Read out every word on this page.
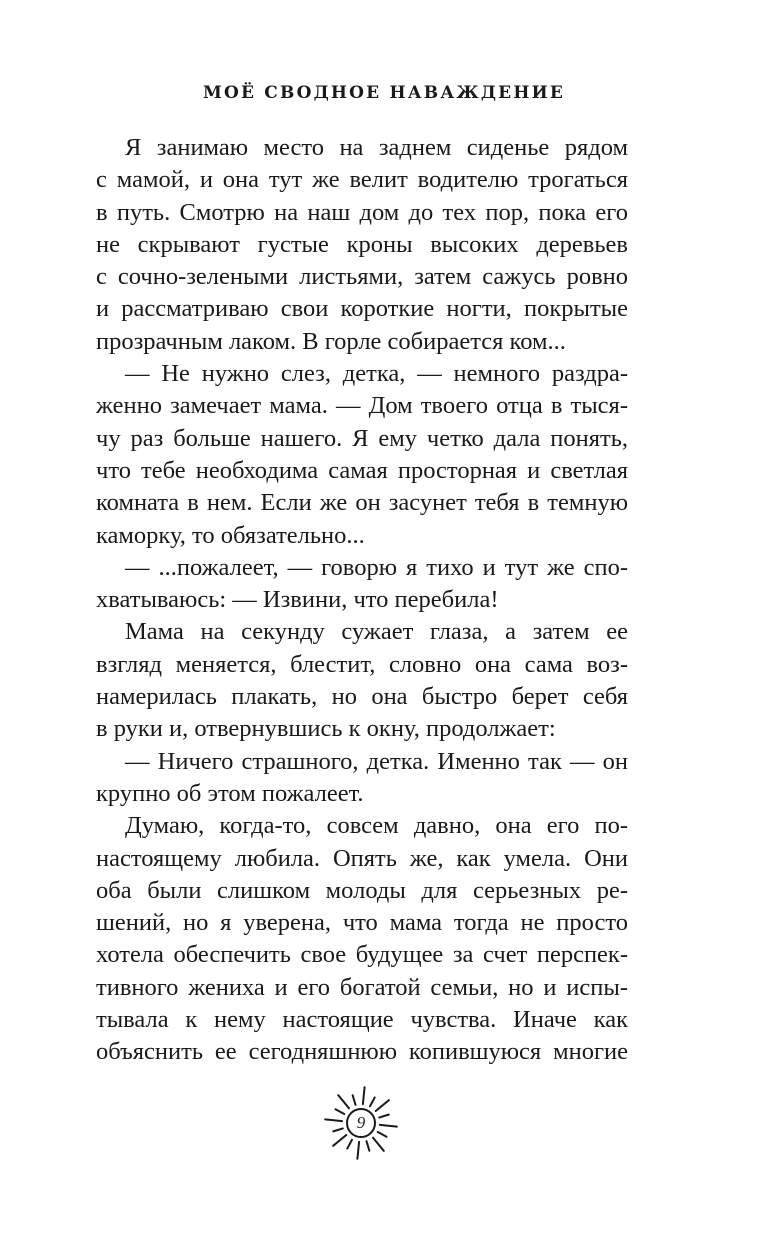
МОЁ СВОДНОЕ НАВАЖДЕНИЕ
Я занимаю место на заднем сиденье рядом
с мамой, и она тут же велит водителю трогаться
в путь. Смотрю на наш дом до тех пор, пока его
не скрывают густые кроны высоких деревьев
с сочно-зелеными листьями, затем сажусь ровно
и рассматриваю свои короткие ногти, покрытые
прозрачным лаком. В горле собирается ком...
— Не нужно слез, детка, — немного раздра-
женно замечает мама. — Дом твоего отца в тыся-
чу раз больше нашего. Я ему четко дала понять,
что тебе необходима самая просторная и светлая
комната в нем. Если же он засунет тебя в темную
каморку, то обязательно...
— ...пожалеет, — говорю я тихо и тут же спо-
хватываюсь: — Извини, что перебила!
Мама на секунду сужает глаза, а затем ее
взгляд меняется, блестит, словно она сама воз-
намерилась плакать, но она быстро берет себя
в руки и, отвернувшись к окну, продолжает:
— Ничего страшного, детка. Именно так — он
крупно об этом пожалеет.
Думаю, когда-то, совсем давно, она его по-
настоящему любила. Опять же, как умела. Они
оба были слишком молоды для серьезных ре-
шений, но я уверена, что мама тогда не просто
хотела обеспечить свое будущее за счет перспек-
тивного жениха и его богатой семьи, но и испы-
тывала к нему настоящие чувства. Иначе как
объяснить ее сегодняшнюю копившуюся многие
9
